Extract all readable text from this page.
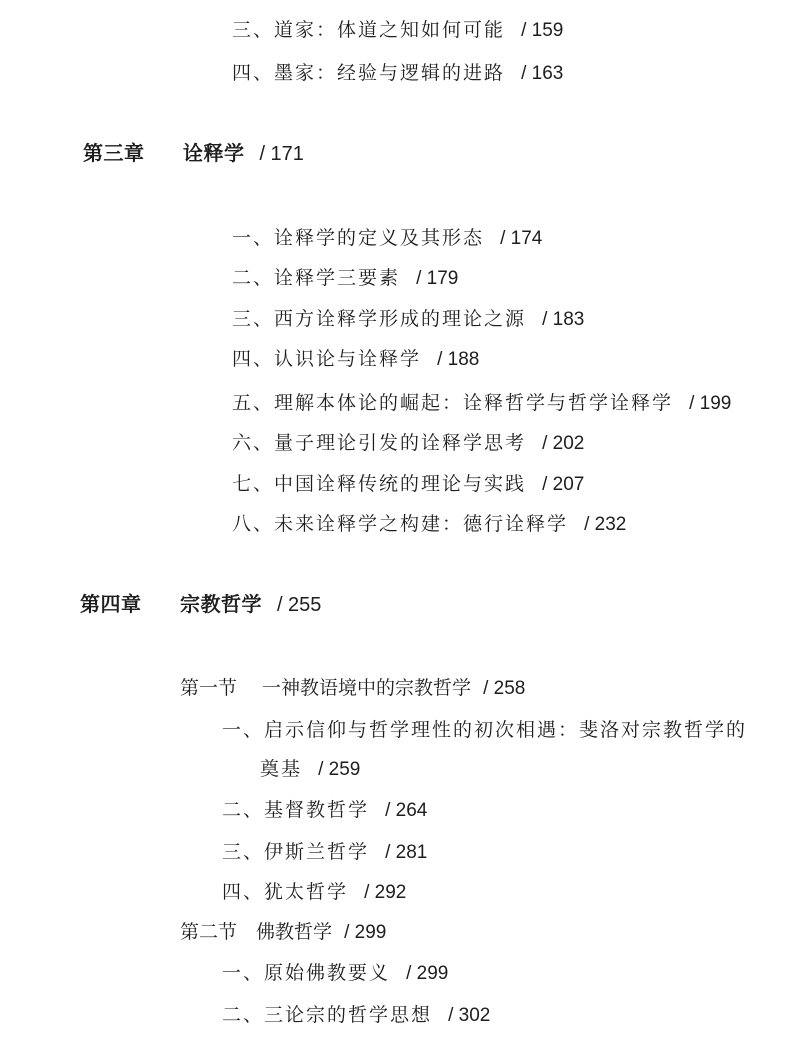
三、道家：体道之知如何可能 / 159
四、墨家：经验与逻辑的进路 / 163
第三章 诠释学 / 171
一、诠释学的定义及其形态 / 174
二、诠释学三要素 / 179
三、西方诠释学形成的理论之源 / 183
四、认识论与诠释学 / 188
五、理解本体论的崛起：诠释哲学与哲学诠释学 / 199
六、量子理论引发的诠释学思考 / 202
七、中国诠释传统的理论与实践 / 207
八、未来诠释学之构建：德行诠释学 / 232
第四章 宗教哲学 / 255
第一节 一神教语境中的宗教哲学 / 258
一、启示信仰与哲学理性的初次相遇：斐洛对宗教哲学的
奠基 / 259
二、基督教哲学 / 264
三、伊斯兰哲学 / 281
四、犹太哲学 / 292
第二节 佛教哲学 / 299
一、原始佛教要义 / 299
二、三论宗的哲学思想 / 302
